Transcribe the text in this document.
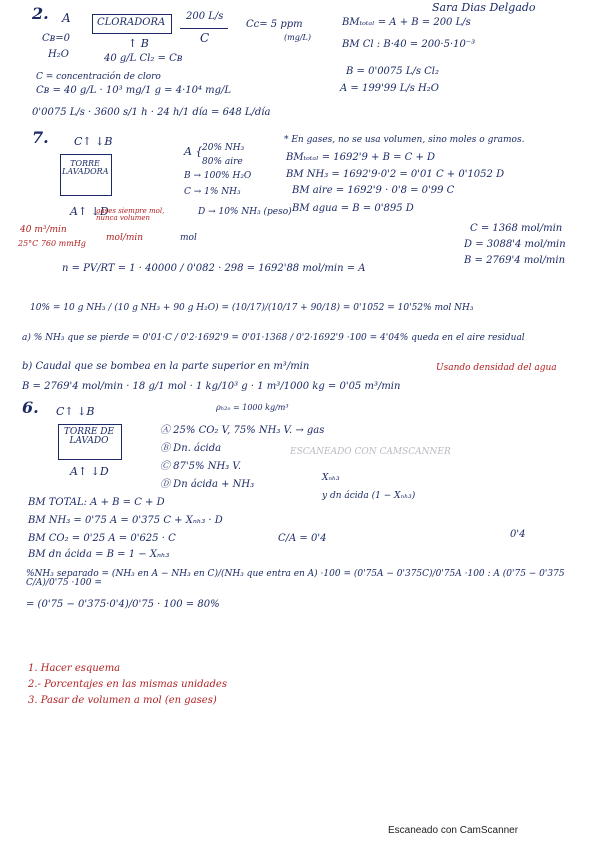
Sara Dias Delgado
2. A
Cʙ=0
H₂O
CLORADORA
200 L/s
C
Cᴄ= 5 ppm
(mg/L)
↑ B
40 g/L Cl₂ = Cʙ
BMₜₒₜₐₗ = A + B = 200 L/s
BM Cl : B·40 = 200·5·10⁻³
C = concentración de cloro
Cʙ = 40 g/L · 10³ mg/1 g = 4·10⁴ mg/L
B = 0'0075 L/s Cl₂
A = 199'99 L/s H₂O
0'0075 L/s · 3600 s/1 h · 24 h/1 día = 648 L/día
7. C↑ ↓B
TORRE LAVADORA
A↑ ↓D
A { 20% NH₃
80% aire
B → 100% H₂O
C → 1% NH₃
D → 10% NH₃ (peso)
gases siempre mol, nunca volumen
mol/min	mol
40 m³/min
25°C 760 mmHg
* En gases, no se usa volumen, sino moles o gramos.
BMₜₒₜₐₗ = 1692'9 + B = C + D
BM NH₃ = 1692'9·0'2 = 0'01 C + 0'1052 D
BM aire = 1692'9 · 0'8 = 0'99 C
BM agua = B = 0'895 D
C = 1368 mol/min
D = 3088'4 mol/min
B = 2769'4 mol/min
n = PV/RT = 1 · 40000 / 0'082 · 298 = 1692'88 mol/min = A
10% = 10 g NH₃ / (10 g NH₃ + 90 g H₂O) = (10/17)/(10/17 + 90/18) = 0'1052 = 10'52% mol NH₃
a) % NH₃ que se pierde = 0'01·C / 0'2·1692'9 = 0'01·1368 / 0'2·1692'9 ·100 = 4'04% queda en el aire residual
b) Caudal que se bombea en la parte superior en m³/min	Usando densidad del agua
B = 2769'4 mol/min · 18 g/1 mol · 1 kg/10³ g · 1 m³/1000 kg = 0'05 m³/min
ρₕ₂ₒ = 1000 kg/m³
6. C↑ ↓B
TORRE DE LAVADO
A↑ ↓D
Ⓐ 25% CO₂ V, 75% NH₃ V. → gas
Ⓑ Dn. ácida
Ⓒ 87'5% NH₃ V.
Ⓓ Dn ácida + NH₃
Xₙₕ₃
y dn ácida (1 − Xₙₕ₃)
ESCANEADO CON CAMSCANNER
BM TOTAL: A + B = C + D
BM NH₃ = 0'75 A = 0'375 C + Xₙₕ₃ · D
BM CO₂ = 0'25 A = 0'625 · C	C/A = 0'4	0'4
BM dn ácida = B = 1 − Xₙₕ₃
%NH₃ separado = (NH₃ en A − NH₃ en C)/(NH₃ que entra en A) ·100 = (0'75A − 0'375C)/0'75A ·100 : A (0'75 − 0'375 C/A)/0'75 ·100 =
= (0'75 − 0'375·0'4)/0'75 · 100 = 80%
1. Hacer esquema
2.- Porcentajes en las mismas unidades
3. Pasar de volumen a mol (en gases)
Escaneado con CamScanner
